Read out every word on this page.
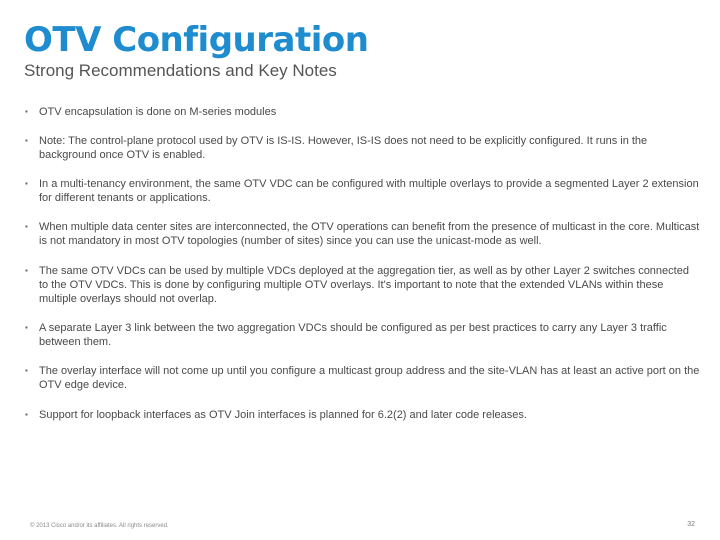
OTV Configuration
Strong Recommendations and Key Notes
▪ OTV encapsulation is done on M-series modules
▪ Note: The control-plane protocol used by OTV is IS-IS. However, IS-IS does not need to be explicitly configured. It runs in the background once OTV is enabled.
▪ In a multi-tenancy environment, the same OTV VDC can be configured with multiple overlays to provide a segmented Layer 2 extension for different tenants or applications.
▪ When multiple data center sites are interconnected, the OTV operations can benefit from the presence of multicast in the core. Multicast is not mandatory in most OTV topologies (number of sites) since you can use the unicast-mode as well.
▪ The same OTV VDCs can be used by multiple VDCs deployed at the aggregation tier, as well as by other Layer 2 switches connected to the OTV VDCs. This is done by configuring multiple OTV overlays. It's important to note that the extended VLANs within these multiple overlays should not overlap.
▪ A separate Layer 3 link between the two aggregation VDCs should be configured as per best practices to carry any Layer 3 traffic between them.
▪ The overlay interface will not come up until you configure a multicast group address and the site-VLAN has at least an active port on the OTV edge device.
▪ Support for loopback interfaces as OTV Join interfaces is planned for 6.2(2) and later code releases.
© 2013 Cisco and/or its affiliates. All rights reserved.	32
